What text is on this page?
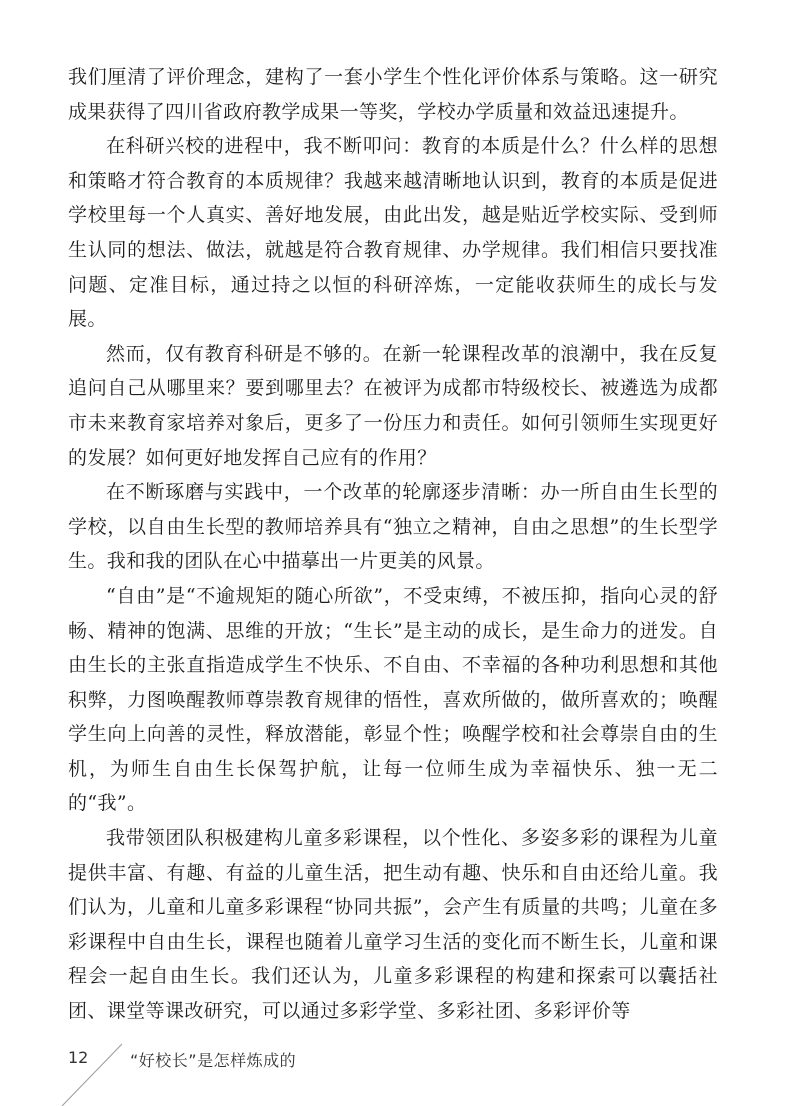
我们厘清了评价理念，建构了一套小学生个性化评价体系与策略。这一研究成果获得了四川省政府教学成果一等奖，学校办学质量和效益迅速提升。

在科研兴校的进程中，我不断叩问：教育的本质是什么？什么样的思想和策略才符合教育的本质规律？我越来越清晰地认识到，教育的本质是促进学校里每一个人真实、善好地发展，由此出发，越是贴近学校实际、受到师生认同的想法、做法，就越是符合教育规律、办学规律。我们相信只要找准问题、定准目标，通过持之以恒的科研淬炼，一定能收获师生的成长与发展。

然而，仅有教育科研是不够的。在新一轮课程改革的浪潮中，我在反复追问自己从哪里来？要到哪里去？在被评为成都市特级校长、被遴选为成都市未来教育家培养对象后，更多了一份压力和责任。如何引领师生实现更好的发展？如何更好地发挥自己应有的作用？

在不断琢磨与实践中，一个改革的轮廓逐步清晰：办一所自由生长型的学校，以自由生长型的教师培养具有“独立之精神，自由之思想”的生长型学生。我和我的团队在心中描摹出一片更美的风景。

“自由”是“不逾规矩的随心所欲”，不受束缚，不被压抑，指向心灵的舒畅、精神的饱满、思维的开放；“生长”是主动的成长，是生命力的迸发。自由生长的主张直指造成学生不快乐、不自由、不幸福的各种功利思想和其他积弊，力图唤醒教师尊崇教育规律的悟性，喜欢所做的，做所喜欢的；唤醒学生向上向善的灵性，释放潜能，彰显个性；唤醒学校和社会尊崇自由的生机，为师生自由生长保驾护航，让每一位师生成为幸福快乐、独一无二的“我”。

我带领团队积极建构儿童多彩课程，以个性化、多姿多彩的课程为儿童提供丰富、有趣、有益的儿童生活，把生动有趣、快乐和自由还给儿童。我们认为，儿童和儿童多彩课程“协同共振”，会产生有质量的共鸣；儿童在多彩课程中自由生长，课程也随着儿童学习生活的变化而不断生长，儿童和课程会一起自由生长。我们还认为，儿童多彩课程的构建和探索可以囊括社团、课堂等课改研究，可以通过多彩学堂、多彩社团、多彩评价等

12	“好校长”是怎样炼成的
